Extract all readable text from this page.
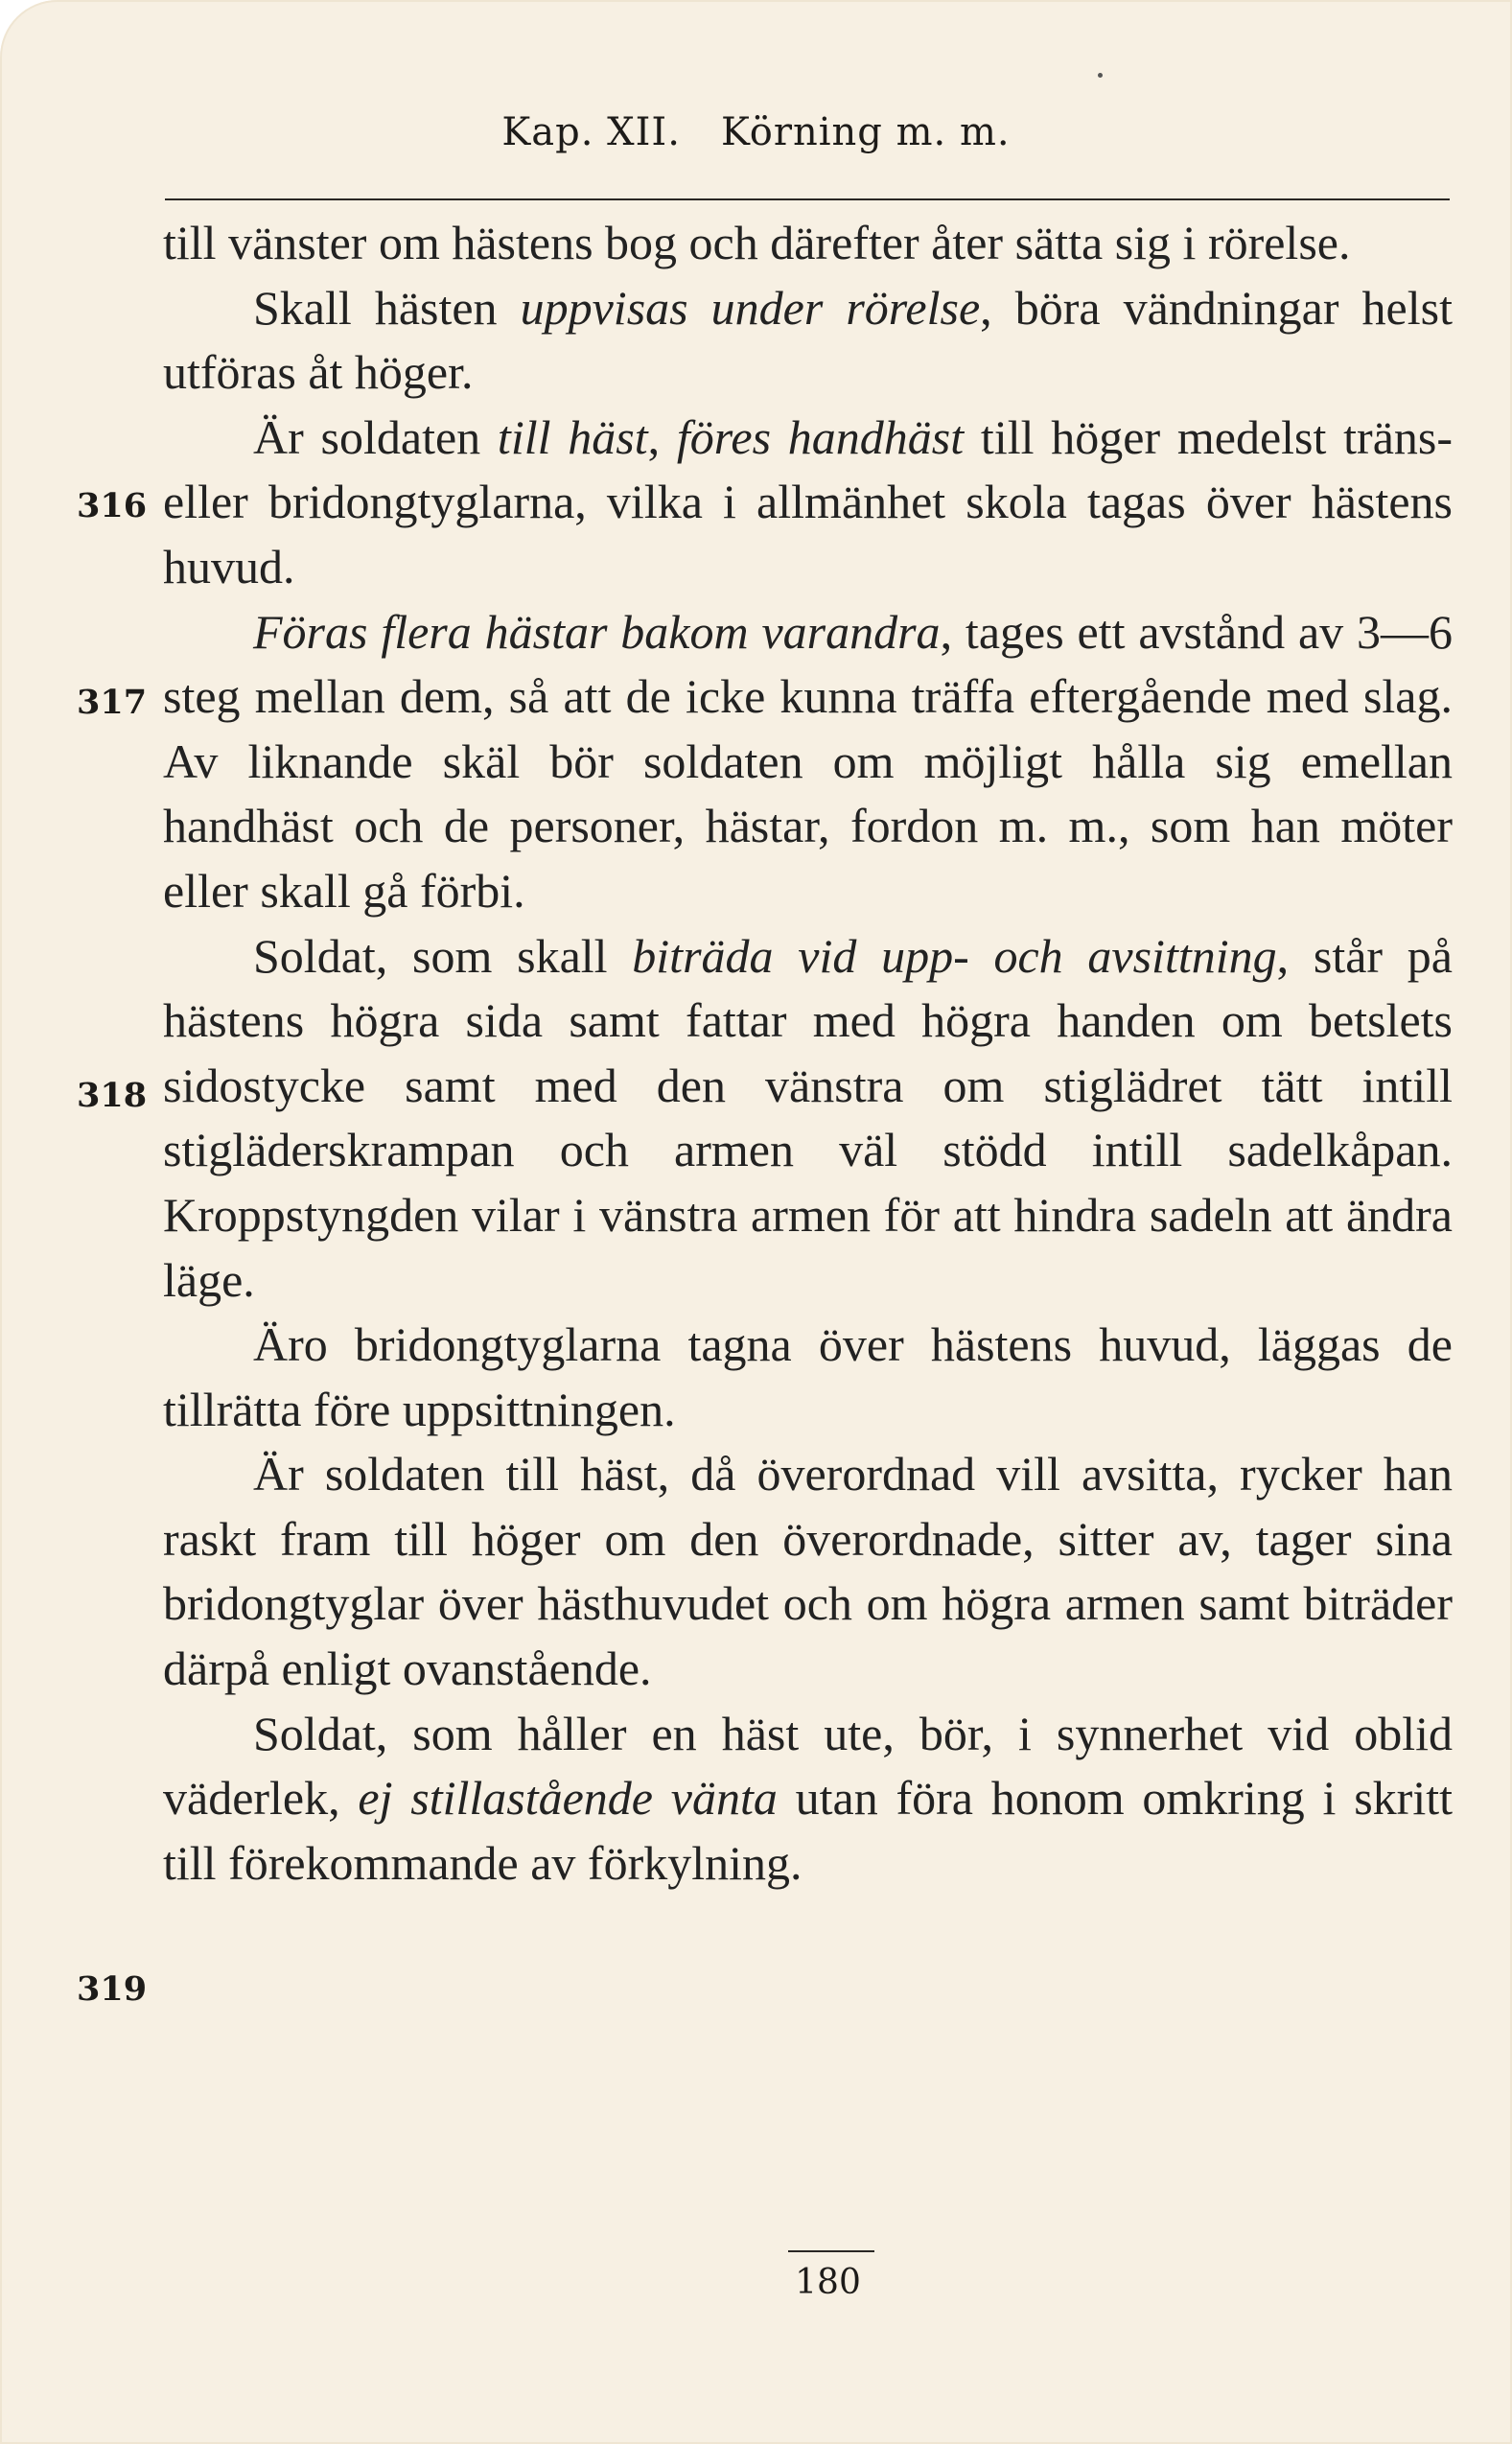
Kap. XII. Körning m. m.
316
317
318
319

till vänster om hästens bog och därefter åter sätta sig i rörelse.

Skall hästen uppvisas under rörelse, böra vändningar helst utföras åt höger.

Är soldaten till häst, föres handhäst till höger medelst träns- eller bridongtyglarna, vilka i allmänhet skola tagas över hästens huvud.

Föras flera hästar bakom varandra, tages ett avstånd av 3—6 steg mellan dem, så att de icke kunna träffa eftergående med slag. Av liknande skäl bör soldaten om möjligt hålla sig emellan handhäst och de personer, hästar, fordon m. m., som han möter eller skall gå förbi.

Soldat, som skall biträda vid upp- och avsittning, står på hästens högra sida samt fattar med högra handen om betslets sidostycke samt med den vänstra om stiglädret tätt intill stigläderskrampan och armen väl stödd intill sadelkåpan. Kroppstyngden vilar i vänstra armen för att hindra sadeln att ändra läge.

Äro bridongtyglarna tagna över hästens huvud, läggas de tillrätta före uppsittningen.

Är soldaten till häst, då överordnad vill avsitta, rycker han raskt fram till höger om den överordnade, sitter av, tager sina bridongtyglar över hästhuvudet och om högra armen samt biträder därpå enligt ovanstående.

Soldat, som håller en häst ute, bör, i synnerhet vid oblid väderlek, ej stillastående vänta utan föra honom omkring i skritt till förekommande av förkylning.

180
